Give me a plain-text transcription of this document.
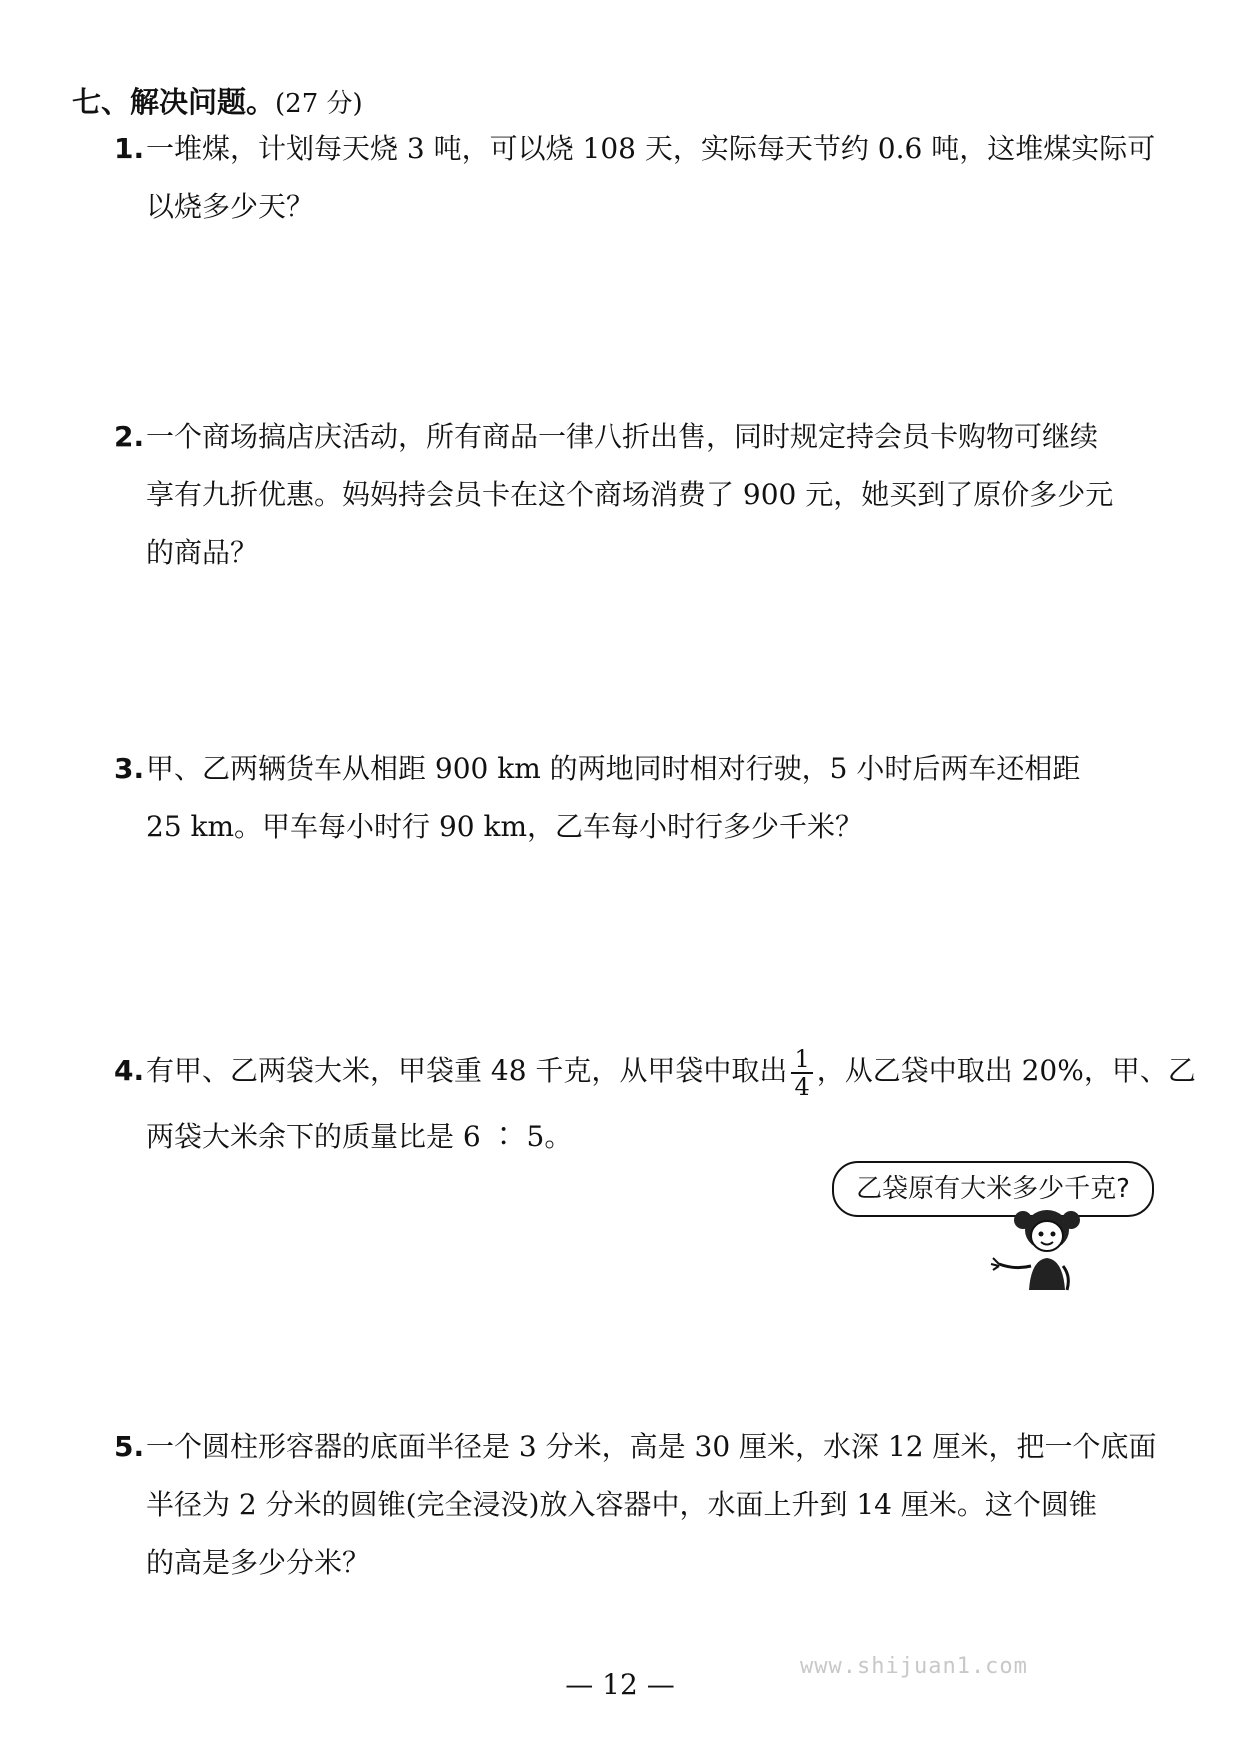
七、解决问题。(27 分)
1.一堆煤，计划每天烧 3 吨，可以烧 108 天，实际每天节约 0.6 吨，这堆煤实际可
以烧多少天？
2.一个商场搞店庆活动，所有商品一律八折出售，同时规定持会员卡购物可继续
享有九折优惠。妈妈持会员卡在这个商场消费了 900 元，她买到了原价多少元
的商品？
3.甲、乙两辆货车从相距 900 km 的两地同时相对行驶，5 小时后两车还相距
25 km。甲车每小时行 90 km，乙车每小时行多少千米？
4.有甲、乙两袋大米，甲袋重 48 千克，从甲袋中取出 $\frac{1}{4}$ ，从乙袋中取出 20%，甲、乙
两袋大米余下的质量比是 6 ∶ 5。
乙袋原有大米多少千克?
5.一个圆柱形容器的底面半径是 3 分米，高是 30 厘米，水深 12 厘米，把一个底面
半径为 2 分米的圆锥(完全浸没)放入容器中，水面上升到 14 厘米。这个圆锥
的高是多少分米？
www.shijuan1.com
— 12 —
